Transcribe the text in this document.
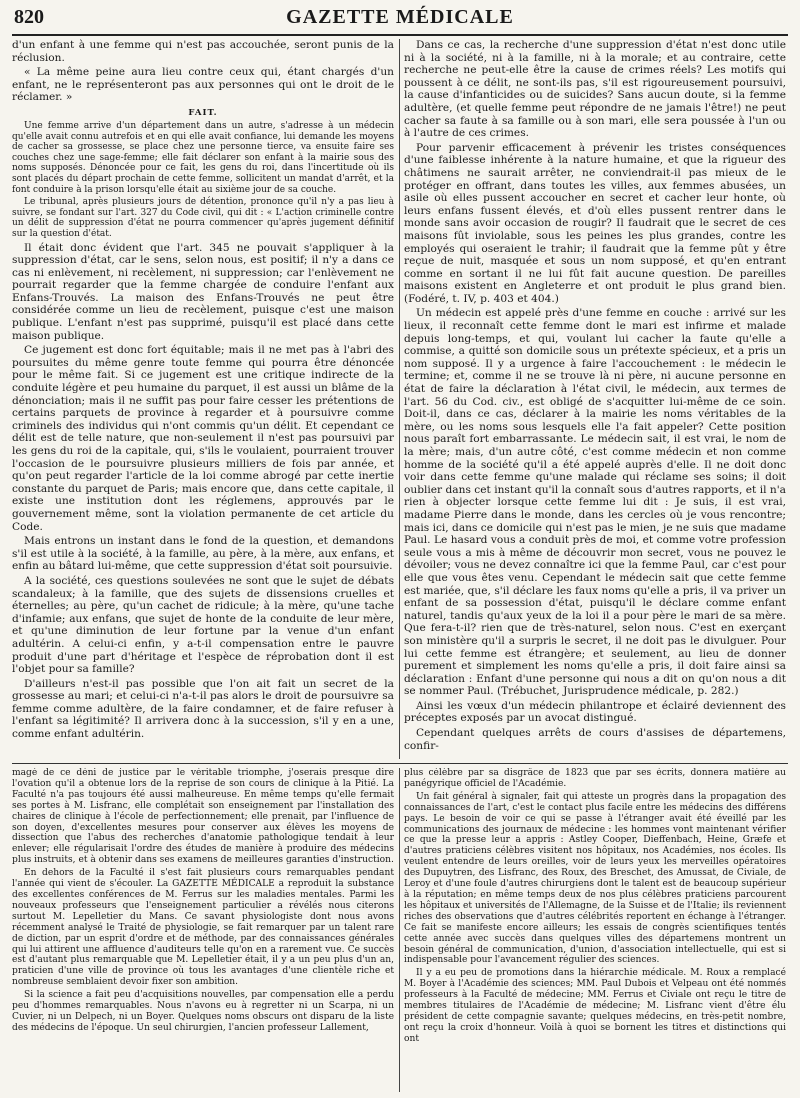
820	GAZETTE MÉDICALE

d'un enfant à une femme qui n'est pas accouchée, seront punis de la réclusion.

« La même peine aura lieu contre ceux qui, étant chargés d'un enfant, ne le représenteront pas aux personnes qui ont le droit de le réclamer. »

FAIT.

Une femme arrive d'un département dans un autre, s'adresse à un médecin qu'elle avait connu autrefois et en qui elle avait confiance, lui demande les moyens de cacher sa grossesse, se place chez une personne tierce, va ensuite faire ses couches chez une sage-femme; elle fait déclarer son enfant à la mairie sous des noms supposés. Dénoncée pour ce fait, les gens du roi, dans l'incertitude où ils sont placés du départ prochain de cette femme, sollicitent un mandat d'arrêt, et la font conduire à la prison lorsqu'elle était au sixième jour de sa couche.

Le tribunal, après plusieurs jours de détention, prononce qu'il n'y a pas lieu à suivre, se fondant sur l'art. 327 du Code civil, qui dit : « L'action criminelle contre un délit de suppression d'état ne pourra commencer qu'après jugement définitif sur la question d'état.

Il était donc évident que l'art. 345 ne pouvait s'appliquer à la suppression d'état, car le sens, selon nous, est positif; il n'y a dans ce cas ni enlèvement, ni recèlement, ni suppression; car l'enlèvement ne pourrait regarder que la femme chargée de conduire l'enfant aux Enfans-Trouvés. La maison des Enfans-Trouvés ne peut être considérée comme un lieu de recèlement, puisque c'est une maison publique. L'enfant n'est pas supprimé, puisqu'il est placé dans cette maison publique.

Ce jugement est donc fort équitable; mais il ne met pas à l'abri des poursuites du même genre toute femme qui pourra être dénoncée pour le même fait. Si ce jugement est une critique indirecte de la conduite légère et peu humaine du parquet, il est aussi un blâme de la dénonciation; mais il ne suffit pas pour faire cesser les prétentions de certains parquets de province à regarder et à poursuivre comme criminels des individus qui n'ont commis qu'un délit. Et cependant ce délit est de telle nature, que non-seulement il n'est pas poursuivi par les gens du roi de la capitale, qui, s'ils le voulaient, pourraient trouver l'occasion de le poursuivre plusieurs milliers de fois par année, et qu'on peut regarder l'article de la loi comme abrogé par cette inertie constante du parquet de Paris; mais encore que, dans cette capitale, il existe une institution dont les réglemens, approuvés par le gouvernement même, sont la violation permanente de cet article du Code.

Mais entrons un instant dans le fond de la question, et demandons s'il est utile à la société, à la famille, au père, à la mère, aux enfans, et enfin au bâtard lui-même, que cette suppression d'état soit poursuivie.

A la société, ces questions soulevées ne sont que le sujet de débats scandaleux; à la famille, que des sujets de dissensions cruelles et éternelles; au père, qu'un cachet de ridicule; à la mère, qu'une tache d'infamie; aux enfans, que sujet de honte de la conduite de leur mère, et qu'une diminution de leur fortune par la venue d'un enfant adultérin. A celui-ci enfin, y a-t-il compensation entre le pauvre produit d'une part d'héritage et l'espèce de réprobation dont il est l'objet pour sa famille?

D'ailleurs n'est-il pas possible que l'on ait fait un secret de la grossesse au mari; et celui-ci n'a-t-il pas alors le droit de poursuivre sa femme comme adultère, de la faire condamner, et de faire refuser à l'enfant sa légitimité? Il arrivera donc à la succession, s'il y en a une, comme enfant adultérin.

Dans ce cas, la recherche d'une suppression d'état n'est donc utile ni à la société, ni à la famille, ni à la morale; et au contraire, cette recherche ne peut-elle être la cause de crimes réels? Les motifs qui poussent à ce délit, ne sont-ils pas, s'il est rigoureusement poursuivi, la cause d'infanticides ou de suicides? Sans aucun doute, si la femme adultère, (et quelle femme peut répondre de ne jamais l'être!) ne peut cacher sa faute à sa famille ou à son mari, elle sera poussée à l'un ou à l'autre de ces crimes.

Pour parvenir efficacement à prévenir les tristes conséquences d'une faiblesse inhérente à la nature humaine, et que la rigueur des châtimens ne saurait arrêter, ne conviendrait-il pas mieux de le protéger en offrant, dans toutes les villes, aux femmes abusées, un asile où elles pussent accoucher en secret et cacher leur honte, où leurs enfans fussent élevés, et d'où elles pussent rentrer dans le monde sans avoir occasion de rougir? Il faudrait que le secret de ces maisons fût inviolable, sous les peines les plus grandes, contre les employés qui oseraient le trahir; il faudrait que la femme pût y être reçue de nuit, masquée et sous un nom supposé, et qu'en entrant comme en sortant il ne lui fût fait aucune question. De pareilles maisons existent en Angleterre et ont produit le plus grand bien. (Fodéré, t. IV, p. 403 et 404.)

Un médecin est appelé près d'une femme en couche : arrivé sur les lieux, il reconnaît cette femme dont le mari est infirme et malade depuis long-temps, et qui, voulant lui cacher la faute qu'elle a commise, a quitté son domicile sous un prétexte spécieux, et a pris un nom supposé. Il y a urgence à faire l'accouchement : le médecin le termine; et, comme il ne se trouve là ni père, ni aucune personne en état de faire la déclaration à l'état civil, le médecin, aux termes de l'art. 56 du Cod. civ., est obligé de s'acquitter lui-même de ce soin. Doit-il, dans ce cas, déclarer à la mairie les noms véritables de la mère, ou les noms sous lesquels elle l'a fait appeler? Cette position nous paraît fort embarrassante. Le médecin sait, il est vrai, le nom de la mère; mais, d'un autre côté, c'est comme médecin et non comme homme de la société qu'il a été appelé auprès d'elle. Il ne doit donc voir dans cette femme qu'une malade qui réclame ses soins; il doit oublier dans cet instant qu'il la connaît sous d'autres rapports, et il n'a rien à objecter lorsque cette femme lui dit : Je suis, il est vrai, madame Pierre dans le monde, dans les cercles où je vous rencontre; mais ici, dans ce domicile qui n'est pas le mien, je ne suis que madame Paul. Le hasard vous a conduit près de moi, et comme votre profession seule vous a mis à même de découvrir mon secret, vous ne pouvez le dévoiler; vous ne devez connaître ici que la femme Paul, car c'est pour elle que vous êtes venu. Cependant le médecin sait que cette femme est mariée, que, s'il déclare les faux noms qu'elle a pris, il va priver un enfant de sa possession d'état, puisqu'il le déclare comme enfant naturel, tandis qu'aux yeux de la loi il a pour père le mari de sa mère. Que fera-t-il? rien que de très-naturel, selon nous. C'est en exerçant son ministère qu'il a surpris le secret, il ne doit pas le divulguer. Pour lui cette femme est étrangère; et seulement, au lieu de donner purement et simplement les noms qu'elle a pris, il doit faire ainsi sa déclaration : Enfant d'une personne qui nous a dit on qu'on nous a dit se nommer Paul. (Trébuchet, Jurisprudence médicale, p. 282.)

Ainsi les vœux d'un médecin philantrope et éclairé deviennent des préceptes exposés par un avocat distingué.

Cependant quelques arrêts de cours d'assises de départemens, confir-

magé de ce déni de justice par le véritable triomphe, j'oserais presque dire l'ovation qu'il a obtenue lors de la reprise de son cours de clinique à la Pitié. La Faculté n'a pas toujours été aussi malheureuse. En même temps qu'elle fermait ses portes à M. Lisfranc, elle complétait son enseignement par l'installation des chaires de clinique à l'école de perfectionnement; elle prenait, par l'influence de son doyen, d'excellentes mesures pour conserver aux élèves les moyens de dissection que l'abus des recherches d'anatomie pathologique tendait à leur enlever; elle régularisait l'ordre des études de manière à produire des médecins plus instruits, et à obtenir dans ses examens de meilleures garanties d'instruction.

En dehors de la Faculté il s'est fait plusieurs cours remarquables pendant l'année qui vient de s'écouler. La GAZETTE MÉDICALE a reproduit la substance des excellentes conférences de M. Ferrus sur les maladies mentales. Parmi les nouveaux professeurs que l'enseignement particulier a révélés nous citerons surtout M. Lepelletier du Mans. Ce savant physiologiste dont nous avons récemment analysé le Traité de physiologie, se fait remarquer par un talent rare de diction, par un esprit d'ordre et de méthode, par des connaissances générales qui lui attirent une affluence d'auditeurs telle qu'on en a rarement vue. Ce succès est d'autant plus remarquable que M. Lepelletier était, il y a un peu plus d'un an, praticien d'une ville de province où tous les avantages d'une clientèle riche et nombreuse semblaient devoir fixer son ambition.

Si la science a fait peu d'acquisitions nouvelles, par compensation elle a perdu peu d'hommes remarquables. Nous n'avons eu à regretter ni un Scarpa, ni un Cuvier, ni un Delpech, ni un Boyer. Quelques noms obscurs ont disparu de la liste des médecins de l'époque. Un seul chirurgien, l'ancien professeur Lallement,

plus célèbre par sa disgrâce de 1823 que par ses écrits, donnera matière au panégyrique officiel de l'Académie.

Un fait général à signaler, fait qui atteste un progrès dans la propagation des connaissances de l'art, c'est le contact plus facile entre les médecins des différens pays. Le besoin de voir ce qui se passe à l'étranger avait été éveillé par les communications des journaux de médecine : les hommes vont maintenant vérifier ce que la presse leur a appris : Astley Cooper, Dieffenbach, Heine, Græfe et d'autres praticiens célèbres visitent nos hôpitaux, nos Académies, nos écoles. Ils veulent entendre de leurs oreilles, voir de leurs yeux les merveilles opératoires des Dupuytren, des Lisfranc, des Roux, des Breschet, des Amussat, de Civiale, de Leroy et d'une foule d'autres chirurgiens dont le talent est de beaucoup supérieur à la réputation; en même temps deux de nos plus célèbres praticiens parcourent les hôpitaux et universités de l'Allemagne, de la Suisse et de l'Italie; ils reviennent riches des observations que d'autres célébrités reportent en échange à l'étranger. Ce fait se manifeste encore ailleurs; les essais de congrès scientifiques tentés cette année avec succès dans quelques villes des départemens montrent un besoin général de communication, d'union, d'association intellectuelle, qui est si indispensable pour l'avancement régulier des sciences.

Il y a eu peu de promotions dans la hiérarchie médicale. M. Roux a remplacé M. Boyer à l'Académie des sciences; MM. Paul Dubois et Velpeau ont été nommés professeurs à la Faculté de médecine; MM. Ferrus et Civiale ont reçu le titre de membres titulaires de l'Académie de médecine; M. Lisfranc vient d'être élu président de cette compagnie savante; quelques médecins, en très-petit nombre, ont reçu la croix d'honneur. Voilà à quoi se bornent les titres et distinctions qui ont
